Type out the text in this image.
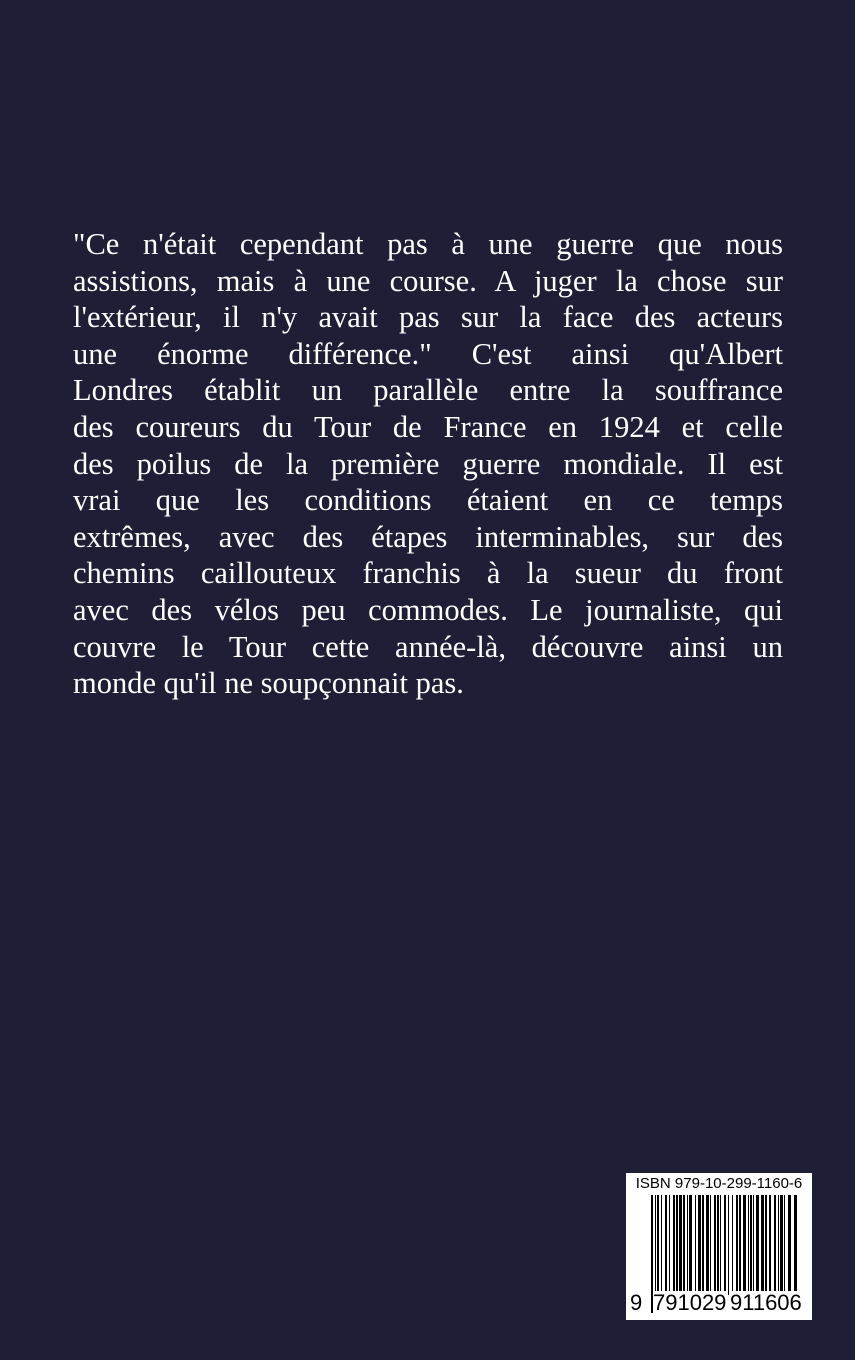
"Ce n'était cependant pas à une guerre que nous
assistions, mais à une course. A juger la chose sur
l'extérieur, il n'y avait pas sur la face des acteurs
une énorme différence." C'est ainsi qu'Albert
Londres établit un parallèle entre la souffrance
des coureurs du Tour de France en 1924 et celle
des poilus de la première guerre mondiale. Il est
vrai que les conditions étaient en ce temps
extrêmes, avec des étapes interminables, sur des
chemins caillouteux franchis à la sueur du front
avec des vélos peu commodes. Le journaliste, qui
couvre le Tour cette année-là, découvre ainsi un
monde qu'il ne soupçonnait pas.
ISBN 979-10-299-1160-6
9 791029 911606
